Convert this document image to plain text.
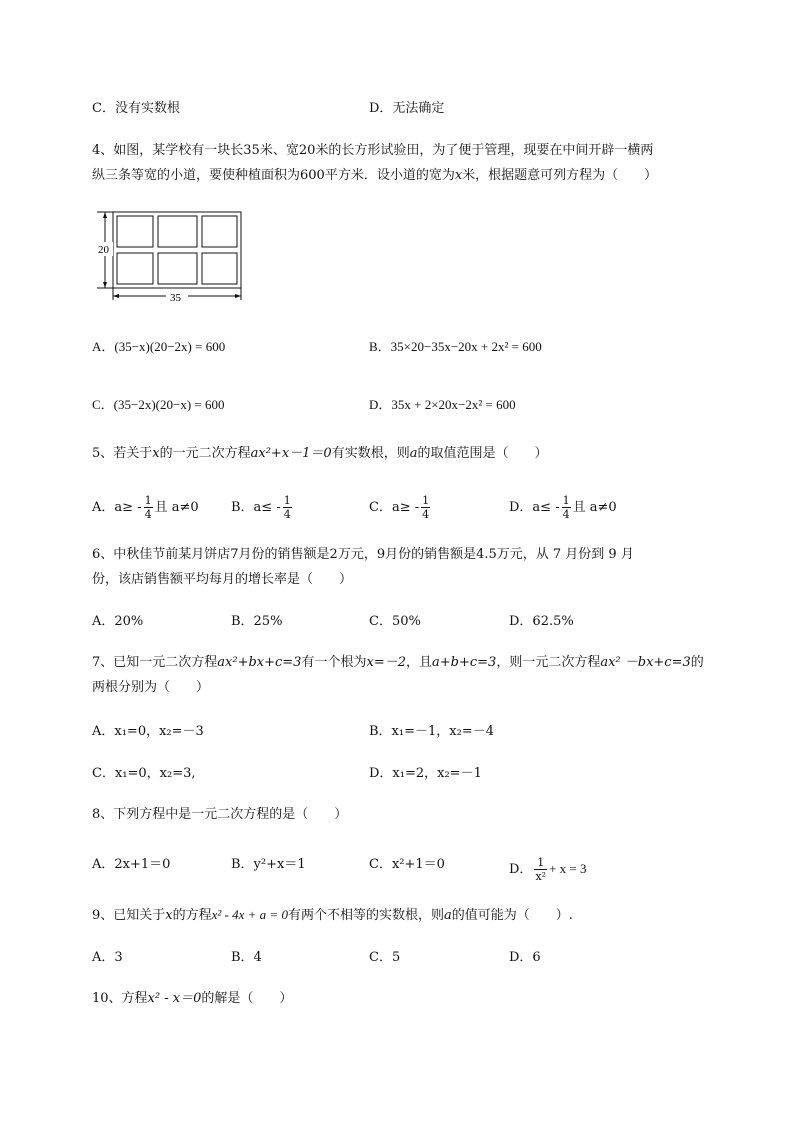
C．没有实数根	D．无法确定
4、如图，某学校有一块长35米、宽20米的长方形试验田，为了便于管理，现要在中间开辟一横两
纵三条等宽的小道，要使种植面积为600平方米．设小道的宽为x米，根据题意可列方程为（　　）
20
35
A．(35−x)(20−2x) = 600	B．35×20−35x−20x + 2x² = 600
C．(35−2x)(20−x) = 600	D．35x + 2×20x−2x² = 600
5、若关于x的一元二次方程ax²+x－1＝0有实数根，则a的取值范围是（　　）
A．$a\ge - \frac{1}{4}$ 且 a≠0 B．$a\le - \frac{1}{4}$	C．$a\ge - \frac{1}{4}$	D．$a\le - \frac{1}{4}$ 且 a≠0
6、中秋佳节前某月饼店7月份的销售额是2万元，9月份的销售额是4.5万元，从 7 月份到 9 月
份，该店销售额平均每月的增长率是（　　）
A．20%	B．25%	C．50%	D．62.5%
7、已知一元二次方程ax²+bx+c=3有一个根为x=－2，且a+b+c=3，则一元二次方程ax² －bx+c=3的
两根分别为（　　）
A．x₁=0，x₂=－3	B．x₁=－1，x₂=－4
C．x₁=0，x₂=3,	D．x₁=2，x₂=－1
8、下列方程中是一元二次方程的是（　　）
A．2x+1＝0	B．y²+x＝1	C．x²+1＝0	D． $\frac{1}{\text{x²}} + x = 3$
9、已知关于x的方程x² - 4x + a = 0有两个不相等的实数根，则a的值可能为（　　）.
A．3	B．4	C．5	D．6
10、方程x² - x＝0的解是（　　）
